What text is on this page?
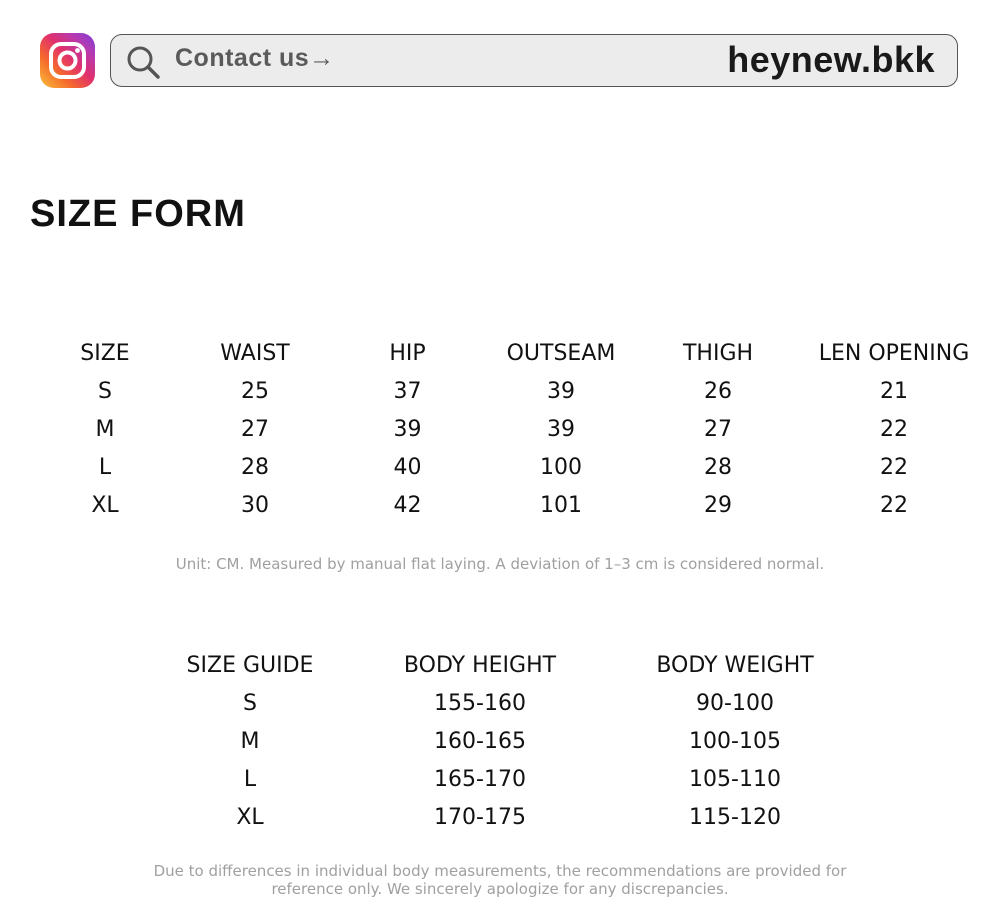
Contact us→	heynew.bkk
SIZE FORM
SIZE	WAIST	HIP	OUTSEAM	THIGH	LEN OPENING
S	25	37	39	26	21
M	27	39	39	27	22
L	28	40	100	28	22
XL	30	42	101	29	22
Unit: CM. Measured by manual flat laying. A deviation of 1–3 cm is considered normal.
SIZE GUIDE	BODY HEIGHT	BODY WEIGHT
S	155-160	90-100
M	160-165	100-105
L	165-170	105-110
XL	170-175	115-120
Due to differences in individual body measurements, the recommendations are provided for
reference only. We sincerely apologize for any discrepancies.
